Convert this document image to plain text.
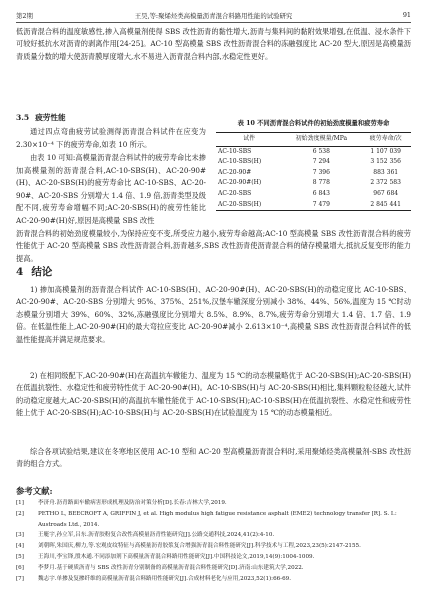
第2期	王昊,等:聚烯烃类高模量沥青混合料路用性能的试验研究	91

低沥青混合料的温度敏感性,掺入高模量剂使得 SBS 改性沥青的黏性增大,沥青与集料间的黏附效果增强,在低温、浸水条件下可较好抵抗水对沥青的剥离作用[24-25]。AC-10 型高模量 SBS 改性沥青混合料的冻融强度比 AC-20 型大,原因是高模量沥青质量分数的增大使沥青膜厚度增大,水不易进入沥青混合料内部,水稳定性更好。

3.5 疲劳性能

通过四点弯曲疲劳试验测得沥青混合料试件在应变为 2.30×10⁻⁴ 下的疲劳寿命,如表 10 所示。

由表 10 可知:高模量沥青混合料试件的疲劳寿命比未掺加高模量剂的沥青混合料,AC-10-SBS(H)、AC-20-90#(H)、AC-20-SBS(H)的疲劳寿命比 AC-10-SBS、AC-20-90#、AC-20-SBS 分别增大 1.4 倍、1.9 倍,沥青类型及级配不同,疲劳寿命增幅不同;AC-20-SBS(H)的疲劳性能比 AC-20-90#(H)好,原因是高模量 SBS 改性

表 10 不同沥青混合料试件的初始劲度模量和疲劳寿命
试件	初始劲度模量/MPa	疲劳寿命/次
AC-10-SBS	6 538	1 107 039
AC-10-SBS(H)	7 294	3 152 356
AC-20-90#	7 396	883 361
AC-20-90#(H)	8 778	2 372 583
AC-20-SBS	6 843	967 684
AC-20-SBS(H)	7 479	2 845 441

沥青混合料的初始劲度模量较小,为保持应变不变,所受应力越小,疲劳寿命越高;AC-10 型高模量 SBS 改性沥青混合料的疲劳性能优于 AC-20 型高模量 SBS 改性沥青混合料,沥青越多,SBS 改性沥青使沥青混合料的储存模量增大,抵抗反复变形的能力提高。

4 结论

1) 掺加高模量剂的沥青混合料试件 AC-10-SBS(H)、AC-20-90#(H)、AC-20-SBS(H)的动稳定度比 AC-10-SBS、AC-20-90#、AC-20-SBS 分别增大 95%、375%、251%,汉堡车辙深度分别减小 38%、44%、56%,温度为 15 ℃时动态模量分别增大 39%、60%、32%,冻融强度比分别增大 8.5%、8.9%、8.7%,疲劳寿命分别增大 1.4 倍、1.7 倍、1.9 倍。在低温性能上,AC-20-90#(H)的最大弯拉应变比 AC-20-90#减小 2.613×10⁻⁴,高模量 SBS 改性沥青混合料试件的低温性能提高并满足规范要求。

2) 在相同级配下,AC-20-90#(H)在高温抗车辙能力、温度为 15 ℃的动态模量略优于 AC-20-SBS(H);AC-20-SBS(H)在低温抗裂性、水稳定性和疲劳特性优于 AC-20-90#(H)。AC-10-SBS(H)与 AC-20-SBS(H)相比,集料颗粒粒径越大,试件的动稳定度越大,AC-20-SBS(H)的高温抗车辙性能优于 AC-10-SBS(H);AC-10-SBS(H)在低温抗裂性、水稳定性和疲劳性能上优于 AC-20-SBS(H);AC-10-SBS(H)与 AC-20-SBS(H)在试验温度为 15 ℃的动态模量相近。

综合各项试验结果,建议在冬寒地区使用 AC-10 型和 AC-20 型高模量沥青混合料时,采用聚烯烃类高模量剂-SBS 改性沥青的组合方式。

参考文献:
[1]	李济舟.沥青路面车辙病害形成机理及防治对策分析[D].长春:吉林大学,2019.
[2]	PETHO L, BEECROFT A, GRIFFIN J, et al. High modulus high fatigue resistance asphalt (EME2) technology transfer [R]. S. I.: Austroads Ltd., 2014.
[3]	王艇宇,孙立军,吕东.沥青胶粉复合改性高模量沥青性能研究[J].公路交通科技,2024,41(2):4-10.
[4]	刘朝晖,朱国庆,柳力,等.宏观皮纹特征与高模量沥青胶浆复合增强沥青混合料性能研究[J].科学技术与工程,2023,23(5):2147-2155.
[5]	王海川,李宝锋,殷木通.不同添加剂下高模量沥青混合料路用性能研究[J].中国科技论文,2019,14(9):1004-1009.
[6]	李梦月.基于硬质沥青与 SBS 改性沥青分别制备的高模量沥青混合料性能研究[D].济南:山东建筑大学,2022.
[7]	魏志宇.单掺及复掺纤维的高模量沥青混合料路用性能研究[J].合成材料老化与应用,2023,52(1):66-69.
